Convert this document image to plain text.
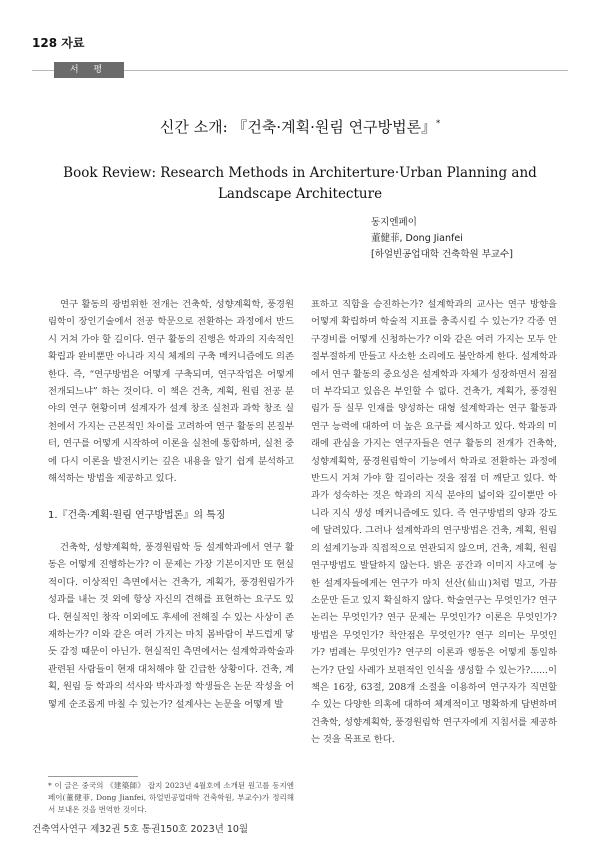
128 자료
서 평
신간 소개: 『건축·계획·원림 연구방법론』*
Book Review: Research Methods in Architerture·Urban Planning and
Landscape Architecture
동지엔페이
董健菲, Dong Jianfei
[하얼빈공업대학 건축학원 부교수]

연구 활동의 광범위한 전개는 건축학, 성향계획학, 풍경원림학이 장인기술에서 전공 학문으로 전환하는 과정에서 반드시 거쳐 가야 할 길이다. 연구 활동의 진행은 학과의 지속적인 확립과 완비뿐만 아니라 지식 체계의 구축 메커니즘에도 의존한다. 즉, “연구방법은 어떻게 구축되며, 연구작업은 어떻게 전개되느냐” 하는 것이다. 이 책은 건축, 계획, 원림 전공 분야의 연구 현황이며 설계자가 설계 창조 실천과 과학 창조 실천에서 가지는 근본적인 차이를 고려하여 연구 활동의 본질부터, 연구를 어떻게 시작하여 이론을 실천에 통합하며, 실천 중에 다시 이론을 발전시키는 깊은 내용을 알기 쉽게 분석하고 해석하는 방법을 제공하고 있다.

1.『건축·계획·원림 연구방법론』의 특징

건축학, 성향계획학, 풍경원림학 등 설계학과에서 연구 활동은 어떻게 진행하는가? 이 문제는 가장 기본이지만 또 현실적이다. 이상적인 측면에서는 건축가, 계획가, 풍경원림가가 성과를 내는 것 외에 항상 자신의 견해를 표현하는 요구도 있다. 현실적인 창작 이외에도 후세에 전해질 수 있는 사상이 존재하는가? 이와 같은 여러 가지는 마치 봄바람이 부드럽게 닿듯 감정 때문이 아닌가. 현실적인 측면에서는 설계학과학술과 관련된 사람들이 현재 대처해야 할 긴급한 상황이다. 건축, 계획, 원림 등 학과의 석사와 박사과정 학생들은 논문 작성을 어떻게 순조롭게 마칠 수 있는가? 설계사는 논문을 어떻게 발

표하고 직함을 승진하는가? 설계학과의 교사는 연구 방향을 어떻게 확립하며 학술적 지표를 충족시킬 수 있는가? 각종 연구경비를 어떻게 신청하는가? 이와 같은 여러 가지는 모두 안절부절하게 만들고 사소한 소리에도 불안하게 한다. 설계학과에서 연구 활동의 중요성은 설계학과 자체가 성장하면서 점점 더 부각되고 있음은 부인할 수 없다. 건축가, 계획가, 풍경원림가 등 실무 인재를 양성하는 대형 설계학과는 연구 활동과 연구 능력에 대하여 더 높은 요구를 제시하고 있다. 학과의 미래에 관심을 가지는 연구자들은 연구 활동의 전개가 건축학, 성향계획학, 풍경원림학이 기능에서 학과로 전환하는 과정에 반드시 거쳐 가야 할 길이라는 것을 점점 더 깨닫고 있다. 학과가 성숙하는 것은 학과의 지식 분야의 넓이와 깊이뿐만 아니라 지식 생성 메커니즘에도 있다. 즉 연구방법의 양과 강도에 달려있다. 그러나 설계학과의 연구방법은 건축, 계획, 원림의 설계기능과 직접적으로 연관되지 않으며, 건축, 계획, 원림 연구방법도 발달하지 않는다. 밝은 공간과 이미지 사고에 능한 설계자들에게는 연구가 마치 선산(仙山)처럼 멀고, 가끔 소문만 듣고 있지 확실하지 않다. 학술연구는 무엇인가? 연구 논리는 무엇인가? 연구 문제는 무엇인가? 이론은 무엇인가? 방법은 무엇인가? 착안점은 무엇인가? 연구 의미는 무엇인가? 범례는 무엇인가? 연구의 이론과 행동은 어떻게 통일하는가? 단일 사례가 보편적인 인식을 생성할 수 있는가?......이 책은 16장, 63절, 208개 소절을 이용하여 연구자가 직면할 수 있는 다양한 의혹에 대하여 체계적이고 명확하게 답변하며 건축학, 성향계획학, 풍경원림학 연구자에게 지침서를 제공하는 것을 목표로 한다.

* 이 글은 중국의 《建築師》 잡지 2023년 4월호에 소개된 원고를 동지엔페이(董健菲, Dong Jianfei, 하얼빈공업대학 건축학원, 부교수)가 정리해서 보내온 것을 번역한 것이다.
건축역사연구 제32권 5호 통권150호 2023년 10월
